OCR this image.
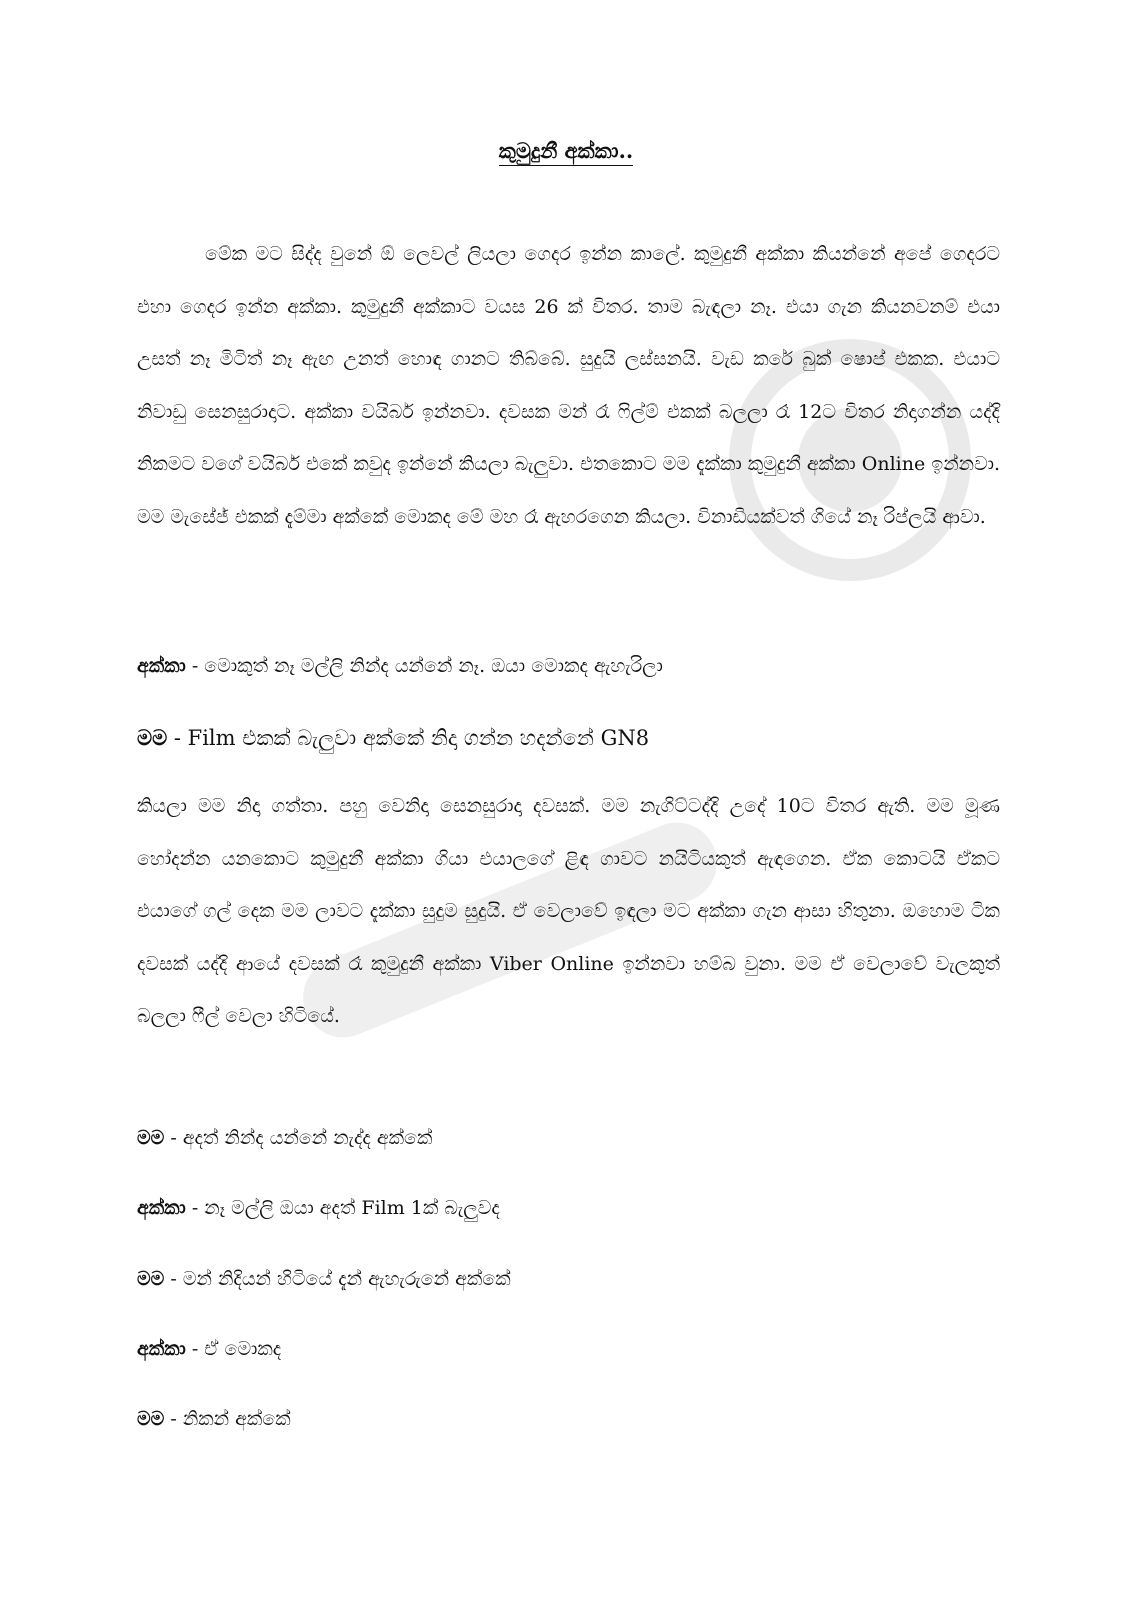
කුමුදුනී අක්කා..

මේක මට සිද්ද වුනේ ඕ ලෙවල් ලියලා ගෙදර ඉන්න කාලේ. කුමුදුනී අක්කා කියන්නේ අපේ ගෙදරට එහා ගෙදර ඉන්න අක්කා. කුමුදුනී අක්කාට වයස 26 ක් විතර. තාම බැඳලා නෑ. එයා ගැන කියනවනම් එයා උසත් නෑ මිටිත් නෑ ඇඟ උනත් හොඳ ගානට තිබ්බේ. සුදුයි ලස්සනයි. වැඩ කරේ බුක් ෂොප් එකක. එයාට නිවාඩු සෙනසුරාදාට. අක්කා වයිබර් ඉන්නවා. දවසක මන් රෑ ෆිල්ම් එකක් බලලා රෑ 12ට විතර නිදාගන්න යද්දි නිකමට වගේ වයිබර් එකේ කවුද ඉන්නේ කියලා බැලුවා. එතකොට මම දැක්කා කුමුදුනී අක්කා Online ඉන්නවා. මම මැසේජ් එකක් දැම්මා අක්කේ මොකද මේ මහ රෑ ඇහරගෙන කියලා. විනාඩියක්වත් ගියේ නෑ රිප්ලයි ආවා.

අක්කා - මොකුත් නෑ මල්ලි නින්ද යන්නේ නෑ. ඔයා මොකද ඇහැරිලා
මම - Film එකක් බැලුවා අක්කේ නිදා ගන්න හදන්නේ GN8

කියලා මම නිදා ගත්තා. පහු වෙනිදා සෙනසුරාදා දවසක්. මම නැගිට්ටද්දි උදේ 10ට විතර ඇති. මම මූණ හෝදන්න යනකොට කුමුදුනී අක්කා ගියා එයාලගේ ළිඳ ගාවට නයිටියකුත් ඇඳගෙන. ඒක කොටයි ඒකට එයාගේ ගල් දෙක මම ලාවට දැක්කා සුදුම සුදුයි. ඒ වෙලාවේ ඉඳලා මට අක්කා ගැන ආසා හිතුනා. ඔහොම ටික දවසක් යද්දි ආයේ දවසක් රෑ කුමුදුනී අක්කා Viber Online ඉන්නවා හම්බ වුනා. මම ඒ වෙලාවේ වැලකුත් බලලා ෆීල් වෙලා හිටියේ.

මම - අදත් නින්ද යන්නේ නැද්ද අක්කේ
අක්කා - නෑ මල්ලි ඔයා අදත් Film 1ක් බැලුවද
මම - මන් නිදියන් හිටියේ දැන් ඇහැරුනේ අක්කේ
අක්කා - ඒ මොකද
මම - නිකන් අක්කේ
